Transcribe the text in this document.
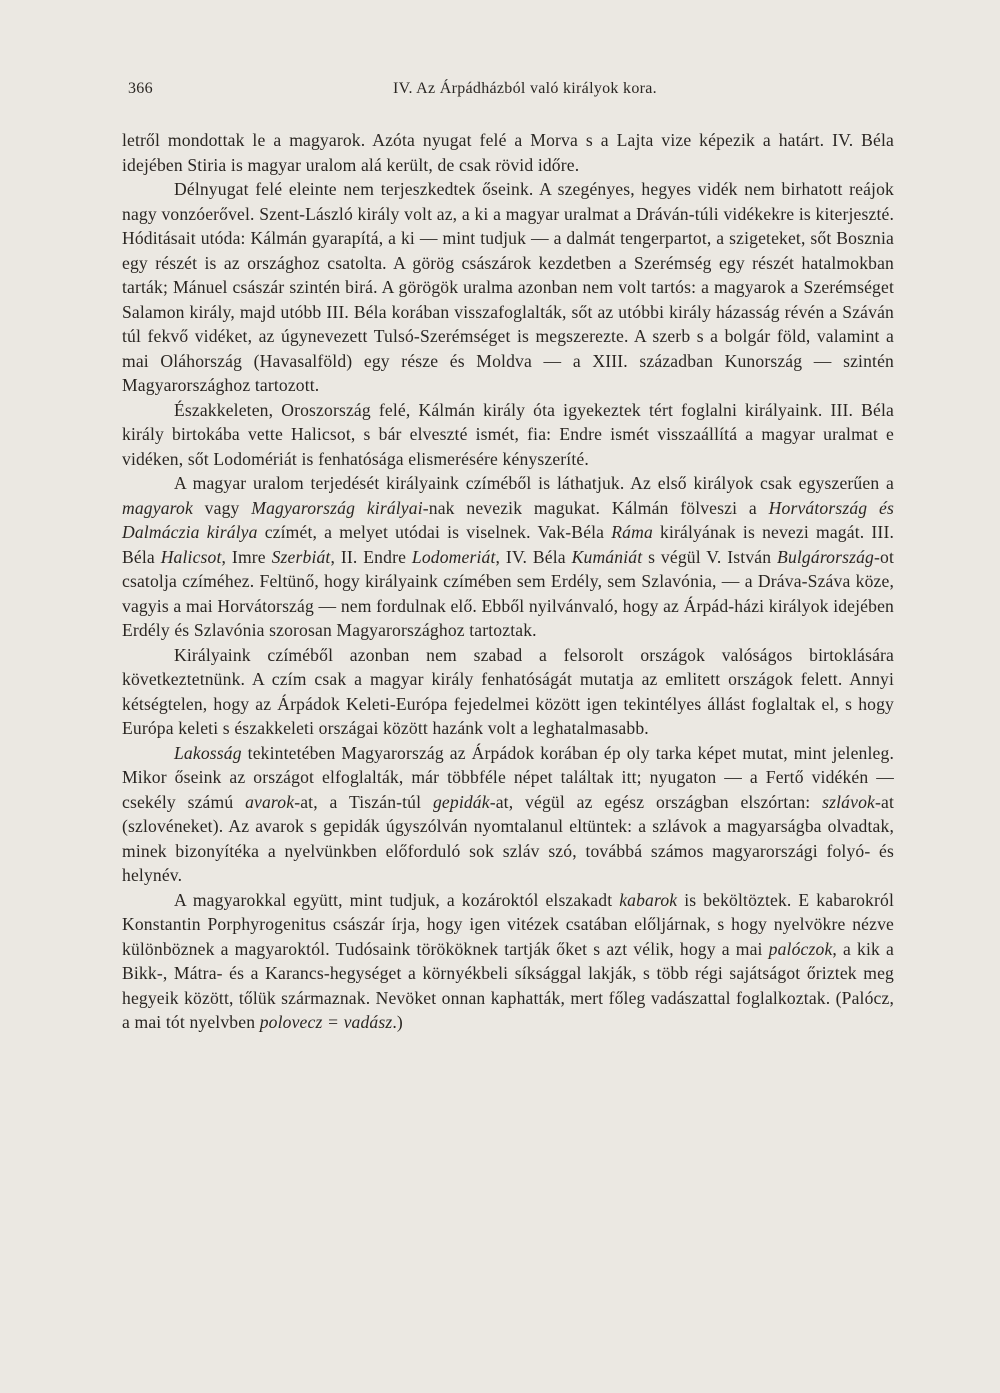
366	IV. Az Árpádházból való királyok kora.

letről mondottak le a magyarok. Azóta nyugat felé a Morva s a Lajta vize képezik a határt. IV. Béla idejében Stiria is magyar uralom alá került, de csak rövid időre.

Délnyugat felé eleinte nem terjeszkedtek őseink. A szegényes, hegyes vidék nem birhatott reájok nagy vonzóerővel. Szent-László király volt az, a ki a magyar uralmat a Dráván-túli vidékekre is kiterjeszté. Hóditásait utóda: Kálmán gyarapítá, a ki — mint tudjuk — a dalmát tengerpartot, a szigeteket, sőt Bosznia egy részét is az országhoz csatolta. A görög császárok kezdetben a Szerémség egy részét hatalmokban tarták; Mánuel császár szintén birá. A görögök uralma azonban nem volt tartós: a magyarok a Szerémséget Salamon király, majd utóbb III. Béla korában visszafoglalták, sőt az utóbbi király házasság révén a Száván túl fekvő vidéket, az úgynevezett Tulsó-Szerémséget is megszerezte. A szerb s a bolgár föld, valamint a mai Oláhország (Havasalföld) egy része és Moldva — a XIII. században Kunország — szintén Magyarországhoz tartozott.

Északkeleten, Oroszország felé, Kálmán király óta igyekeztek tért foglalni királyaink. III. Béla király birtokába vette Halicsot, s bár elveszté ismét, fia: Endre ismét visszaállítá a magyar uralmat e vidéken, sőt Lodomériát is fenhatósága elismerésére kényszeríté.

A magyar uralom terjedését királyaink czíméből is láthatjuk. Az első királyok csak egyszerűen a magyarok vagy Magyarország királyai-nak nevezik magukat. Kálmán fölveszi a Horvátország és Dalmáczia királya czímét, a melyet utódai is viselnek. Vak-Béla Ráma királyának is nevezi magát. III. Béla Halicsot, Imre Szerbiát, II. Endre Lodomeriát, IV. Béla Kumániát s végül V. István Bulgárország-ot csatolja czíméhez. Feltünő, hogy királyaink czímében sem Erdély, sem Szlavónia, — a Dráva-Száva köze, vagyis a mai Horvátország — nem fordulnak elő. Ebből nyilvánvaló, hogy az Árpád-házi királyok idejében Erdély és Szlavónia szorosan Magyarországhoz tartoztak.

Királyaink czíméből azonban nem szabad a felsorolt országok valóságos birtoklására következtetnünk. A czím csak a magyar király fenhatóságát mutatja az emlitett országok felett. Annyi kétségtelen, hogy az Árpádok Keleti-Európa fejedelmei között igen tekintélyes állást foglaltak el, s hogy Európa keleti s északkeleti országai között hazánk volt a leghatalmasabb.

Lakosság tekintetében Magyarország az Árpádok korában ép oly tarka képet mutat, mint jelenleg. Mikor őseink az országot elfoglalták, már többféle népet találtak itt; nyugaton — a Fertő vidékén — csekély számú avarok-at, a Tiszán-túl gepidák-at, végül az egész országban elszórtan: szlávok-at (szlovéneket). Az avarok s gepidák úgyszólván nyomtalanul eltüntek: a szlávok a magyarságba olvadtak, minek bizonyítéka a nyelvünkben előforduló sok szláv szó, továbbá számos magyarországi folyó- és helynév.

A magyarokkal együtt, mint tudjuk, a kozároktól elszakadt kabarok is beköltöztek. E kabarokról Konstantin Porphyrogenitus császár írja, hogy igen vitézek csatában előljárnak, s hogy nyelvökre nézve különböznek a magyaroktól. Tudósaink törököknek tartják őket s azt vélik, hogy a mai palóczok, a kik a Bikk-, Mátra- és a Karancs-hegységet a környékbeli síksággal lakják, s több régi sajátságot őriztek meg hegyeik között, tőlük származnak. Nevöket onnan kaphatták, mert főleg vadászattal foglalkoztak. (Palócz, a mai tót nyelvben polovecz = vadász.)
